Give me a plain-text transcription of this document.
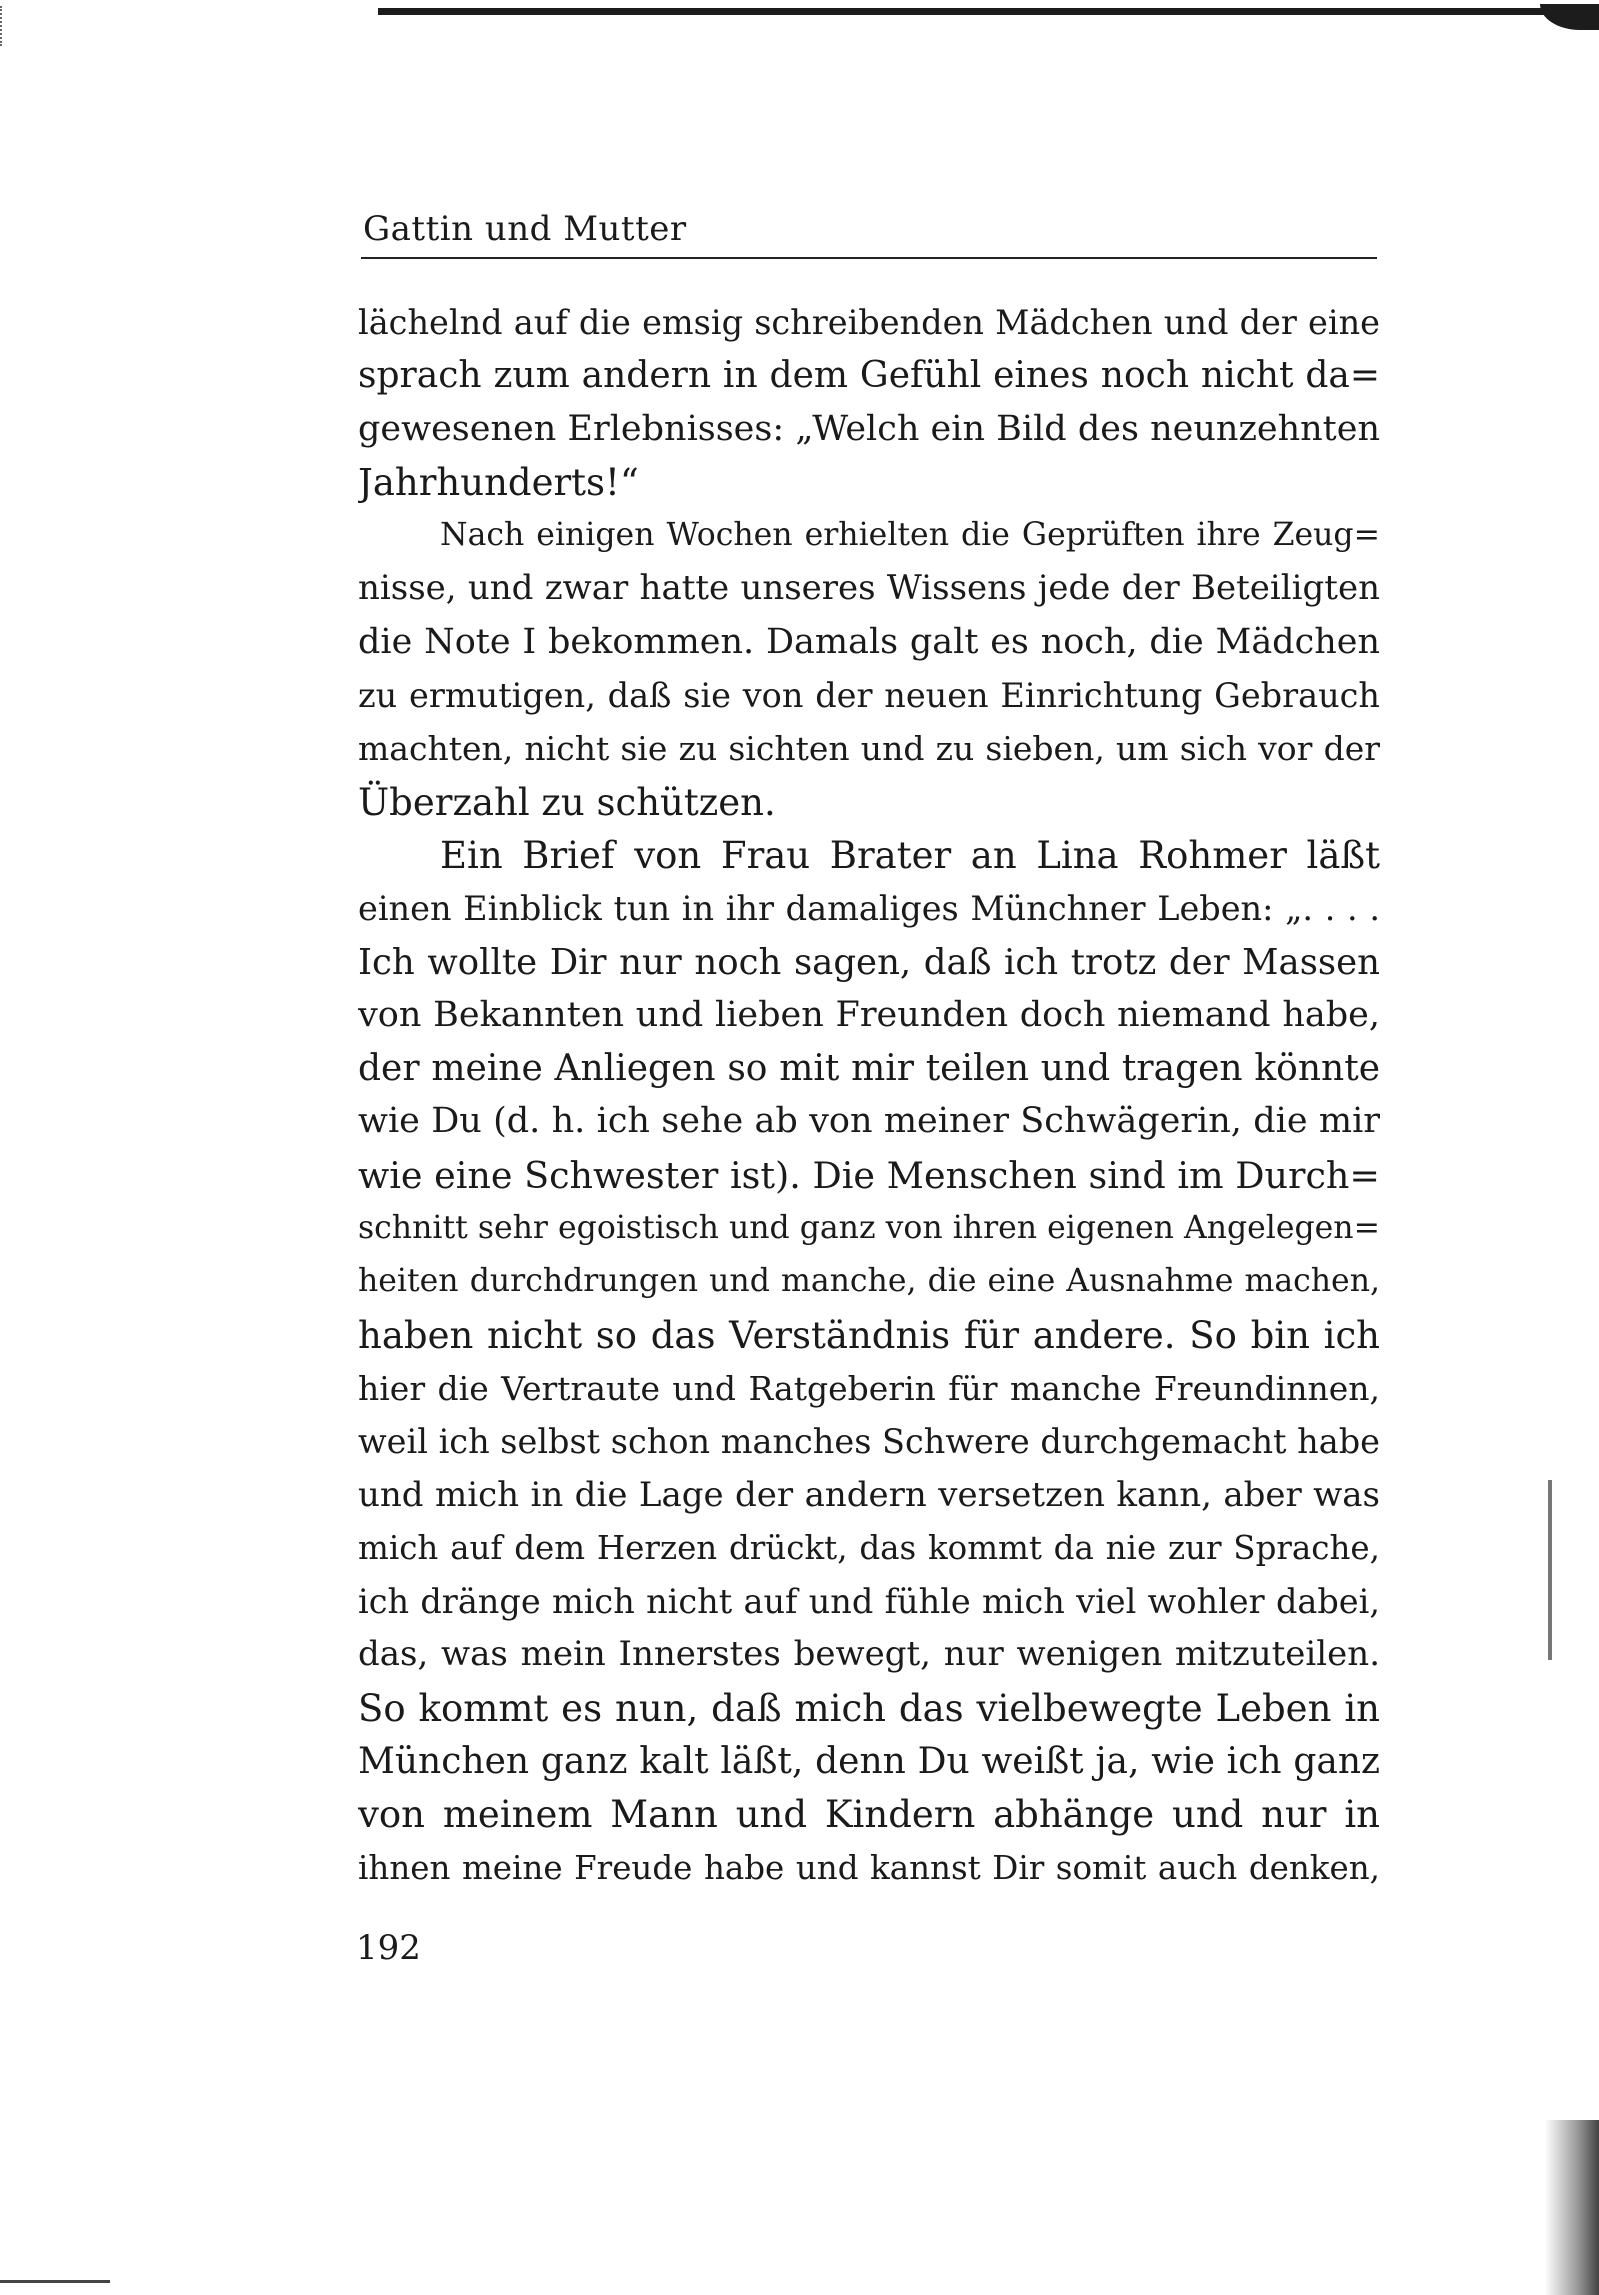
Gattin und Mutter
lächelnd auf die emsig schreibenden Mädchen und der eine
sprach zum andern in dem Gefühl eines noch nicht da=
gewesenen Erlebnisses: „Welch ein Bild des neunzehnten
Jahrhunderts!“
Nach einigen Wochen erhielten die Geprüften ihre Zeug=
nisse, und zwar hatte unseres Wissens jede der Beteiligten
die Note I bekommen. Damals galt es noch, die Mädchen
zu ermutigen, daß sie von der neuen Einrichtung Gebrauch
machten, nicht sie zu sichten und zu sieben, um sich vor der
Überzahl zu schützen.
Ein Brief von Frau Brater an Lina Rohmer läßt
einen Einblick tun in ihr damaliges Münchner Leben: „. . . .
Ich wollte Dir nur noch sagen, daß ich trotz der Massen
von Bekannten und lieben Freunden doch niemand habe,
der meine Anliegen so mit mir teilen und tragen könnte
wie Du (d. h. ich sehe ab von meiner Schwägerin, die mir
wie eine Schwester ist). Die Menschen sind im Durch=
schnitt sehr egoistisch und ganz von ihren eigenen Angelegen=
heiten durchdrungen und manche, die eine Ausnahme machen,
haben nicht so das Verständnis für andere. So bin ich
hier die Vertraute und Ratgeberin für manche Freundinnen,
weil ich selbst schon manches Schwere durchgemacht habe
und mich in die Lage der andern versetzen kann, aber was
mich auf dem Herzen drückt, das kommt da nie zur Sprache,
ich dränge mich nicht auf und fühle mich viel wohler dabei,
das, was mein Innerstes bewegt, nur wenigen mitzuteilen.
So kommt es nun, daß mich das vielbewegte Leben in
München ganz kalt läßt, denn Du weißt ja, wie ich ganz
von meinem Mann und Kindern abhänge und nur in
ihnen meine Freude habe und kannst Dir somit auch denken,
192
